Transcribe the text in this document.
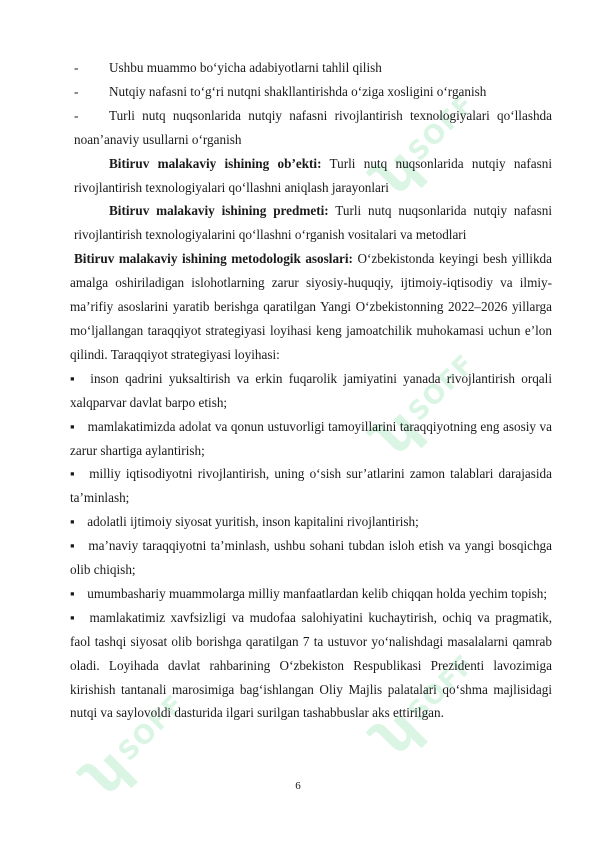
ʮ
SOFF
ʮ
SOFF
ʮ
SOFF
ʮ
SOFF
- Ushbu muammo bo‘yicha adabiyotlarni tahlil qilish
- Nutqiy nafasni to‘g‘ri nutqni shakllantirishda o‘ziga xosligini o‘rganish
- Turli nutq nuqsonlarida nutqiy nafasni rivojlantirish texnologiyalari qo‘llashda noan’anaviy usullarni o‘rganish

Bitiruv malakaviy ishining ob’ekti: Turli nutq nuqsonlarida nutqiy nafasni rivojlantirish texnologiyalari qo‘llashni aniqlash jarayonlari

Bitiruv malakaviy ishining predmeti: Turli nutq nuqsonlarida nutqiy nafasni rivojlantirish texnologiyalarini qo‘llashni o‘rganish vositalari va metodlari

Bitiruv malakaviy ishining metodologik asoslari: O‘zbekistonda keyingi besh yillikda amalga oshiriladigan islohotlarning zarur siyosiy-huquqiy, ijtimoiy-iqtisodiy va ilmiy-ma’rifiy asoslarini yaratib berishga qaratilgan Yangi O‘zbekistonning 2022–2026 yillarga mo‘ljallangan taraqqiyot strategiyasi loyihasi keng jamoatchilik muhokamasi uchun e’lon qilindi. Taraqqiyot strategiyasi loyihasi:

▪ inson qadrini yuksaltirish va erkin fuqarolik jamiyatini yanada rivojlantirish orqali xalqparvar davlat barpo etish;
▪ mamlakatimizda adolat va qonun ustuvorligi tamoyillarini taraqqiyotning eng asosiy va zarur shartiga aylantirish;
▪ milliy iqtisodiyotni rivojlantirish, uning o‘sish sur’atlarini zamon talablari darajasida ta’minlash;
▪ adolatli ijtimoiy siyosat yuritish, inson kapitalini rivojlantirish;
▪ ma’naviy taraqqiyotni ta’minlash, ushbu sohani tubdan isloh etish va yangi bosqichga olib chiqish;
▪ umumbashariy muammolarga milliy manfaatlardan kelib chiqqan holda yechim topish;
▪ mamlakatimiz xavfsizligi va mudofaa salohiyatini kuchaytirish, ochiq va pragmatik, faol tashqi siyosat olib borishga qaratilgan 7 ta ustuvor yo‘nalishdagi masalalarni qamrab oladi. Loyihada davlat rahbarining O‘zbekiston Respublikasi Prezidenti lavozimiga kirishish tantanali marosimiga bag‘ishlangan Oliy Majlis palatalari qo‘shma majlisidagi nutqi va saylovoldi dasturida ilgari surilgan tashabbuslar aks ettirilgan.
6
